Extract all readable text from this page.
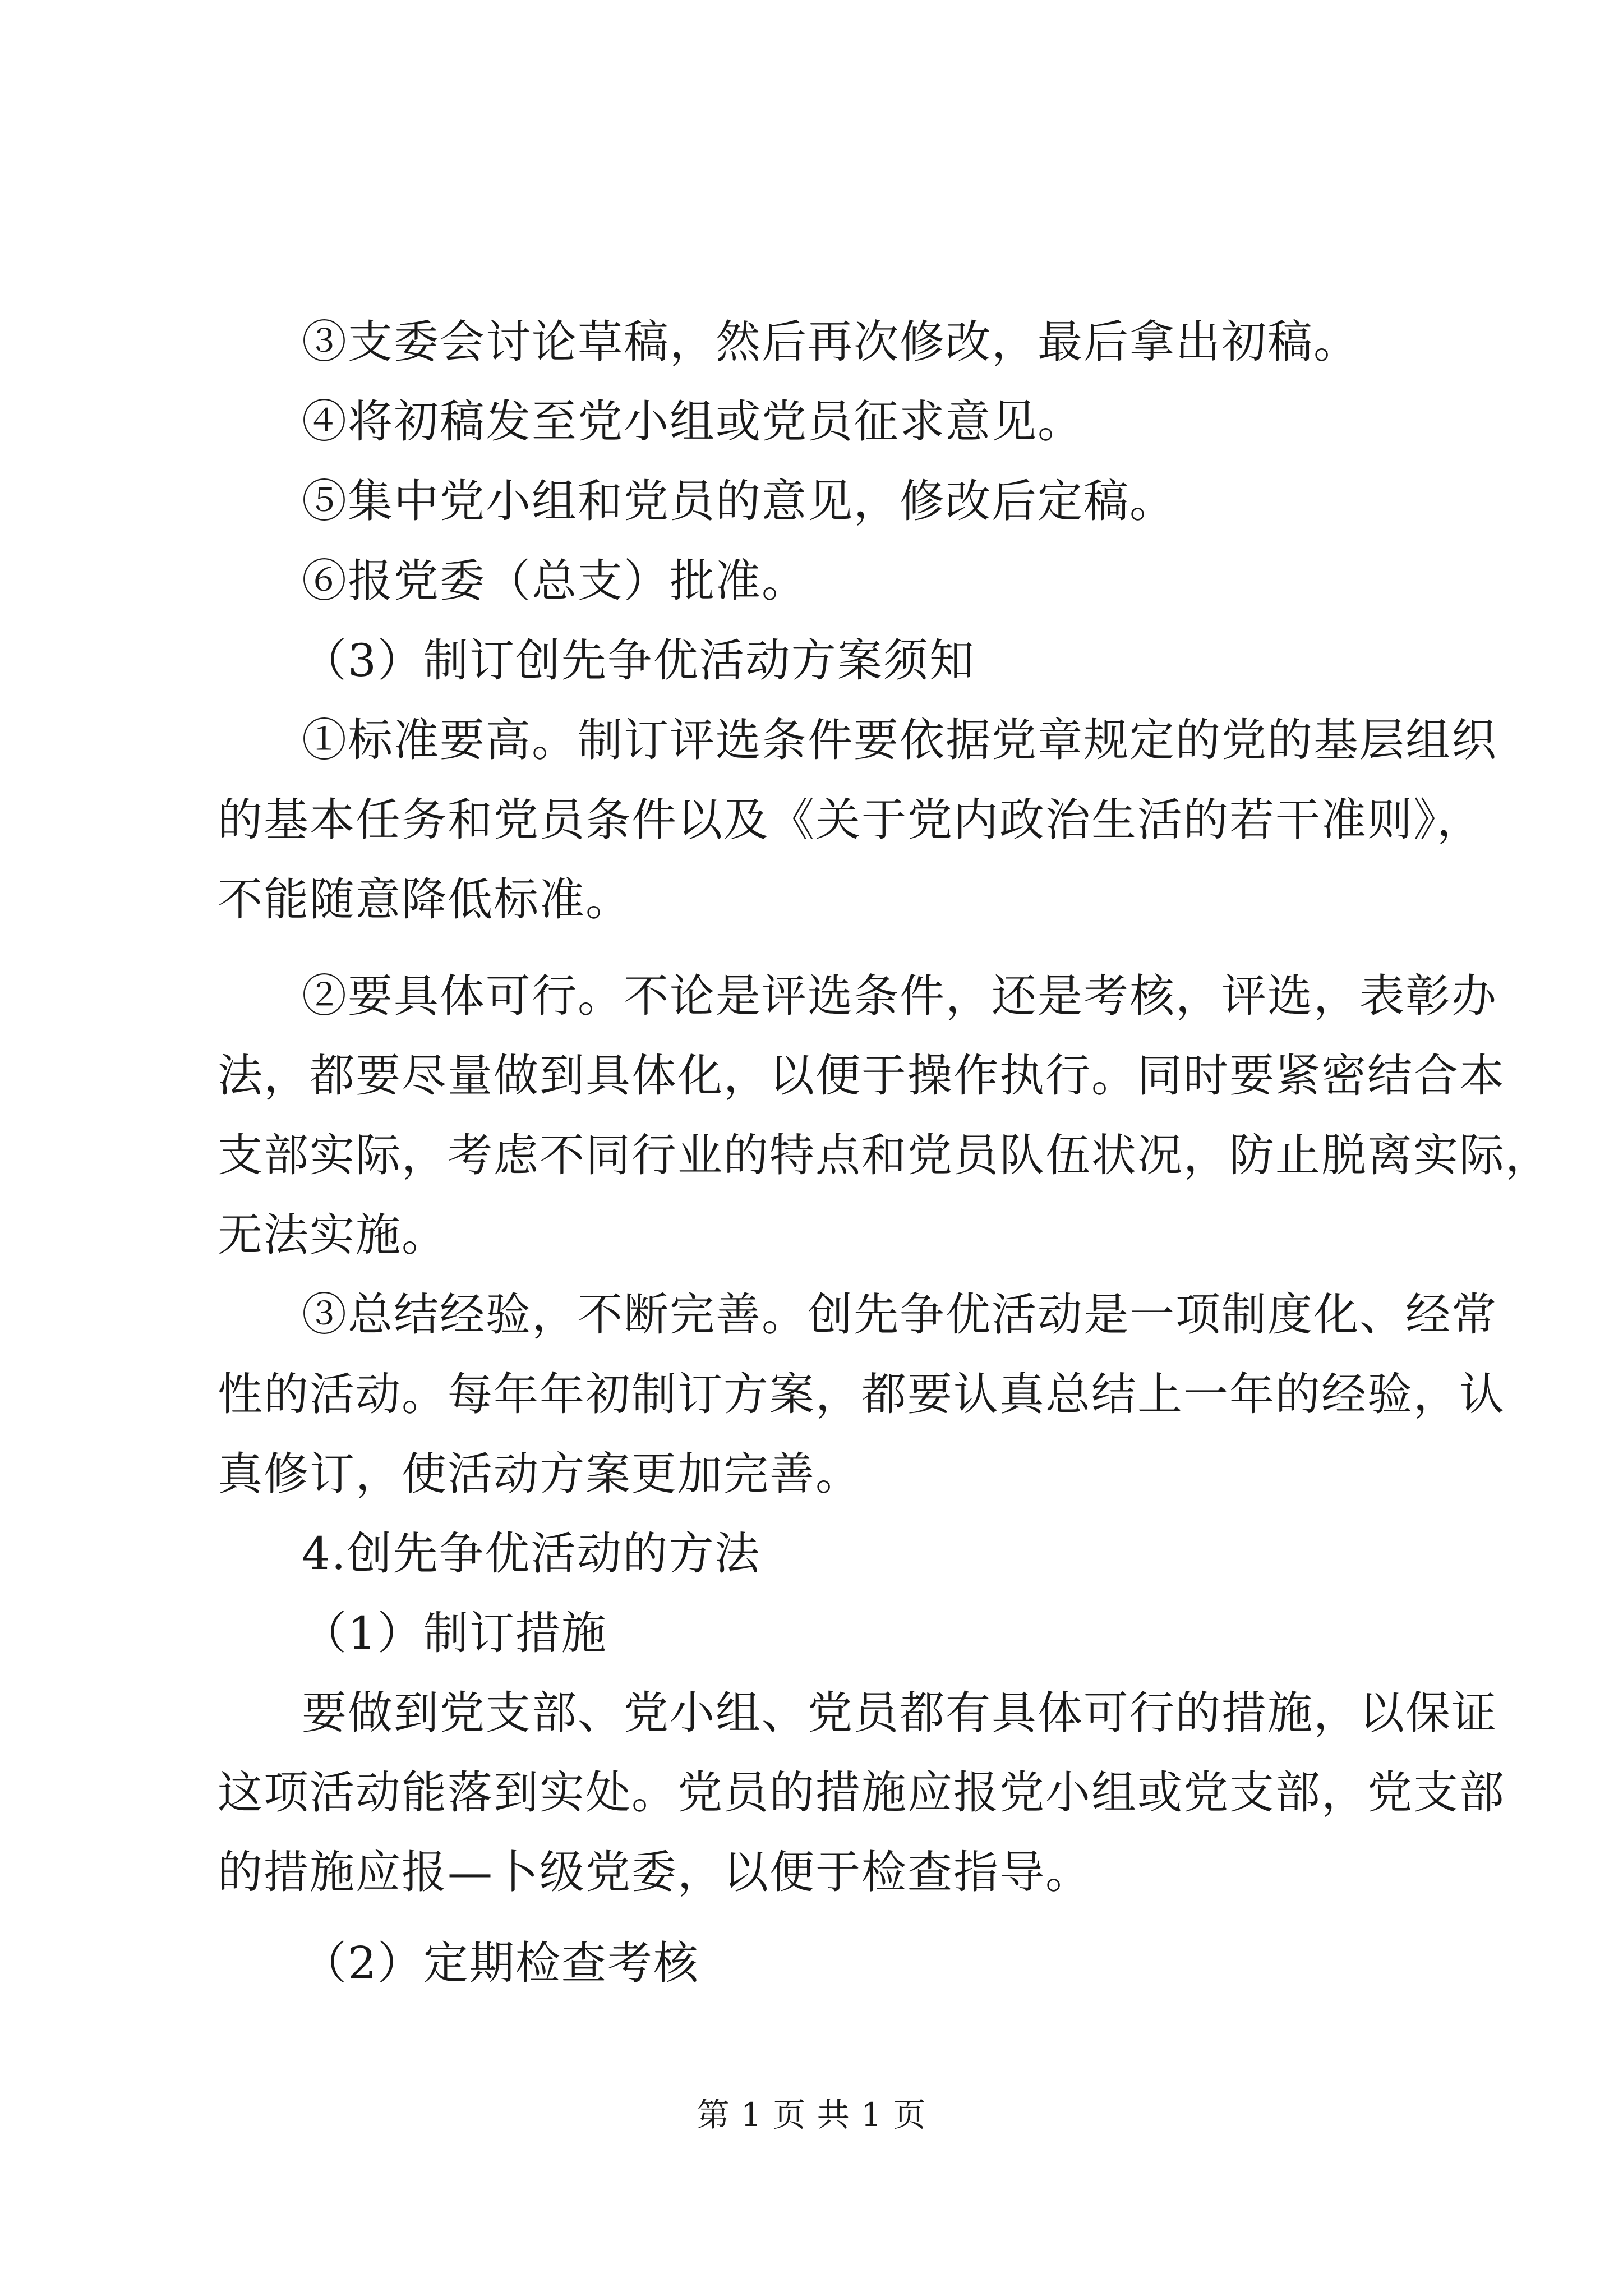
③支委会讨论草稿，然后再次修改，最后拿出初稿。
④将初稿发至党小组或党员征求意见。
⑤集中党小组和党员的意见，修改后定稿。
⑥报党委（总支）批准。
（3）制订创先争优活动方案须知
①标准要高。制订评选条件要依据党章规定的党的基层组织
的基本任务和党员条件以及《关于党内政治生活的若干准则》，
不能随意降低标准。
②要具体可行。不论是评选条件，还是考核，评选，表彰办
法，都要尽量做到具体化，以便于操作执行。同时要紧密结合本
支部实际，考虑不同行业的特点和党员队伍状况，防止脱离实际，
无法实施。
③总结经验，不断完善。创先争优活动是一项制度化、经常
性的活动。每年年初制订方案，都要认真总结上一年的经验，认
真修订，使活动方案更加完善。
4.创先争优活动的方法
（1）制订措施
要做到党支部、党小组、党员都有具体可行的措施，以保证
这项活动能落到实处。党员的措施应报党小组或党支部，党支部
的措施应报—卜级党委，以便于检查指导。
（2）定期检查考核
第 1 页 共 1 页
